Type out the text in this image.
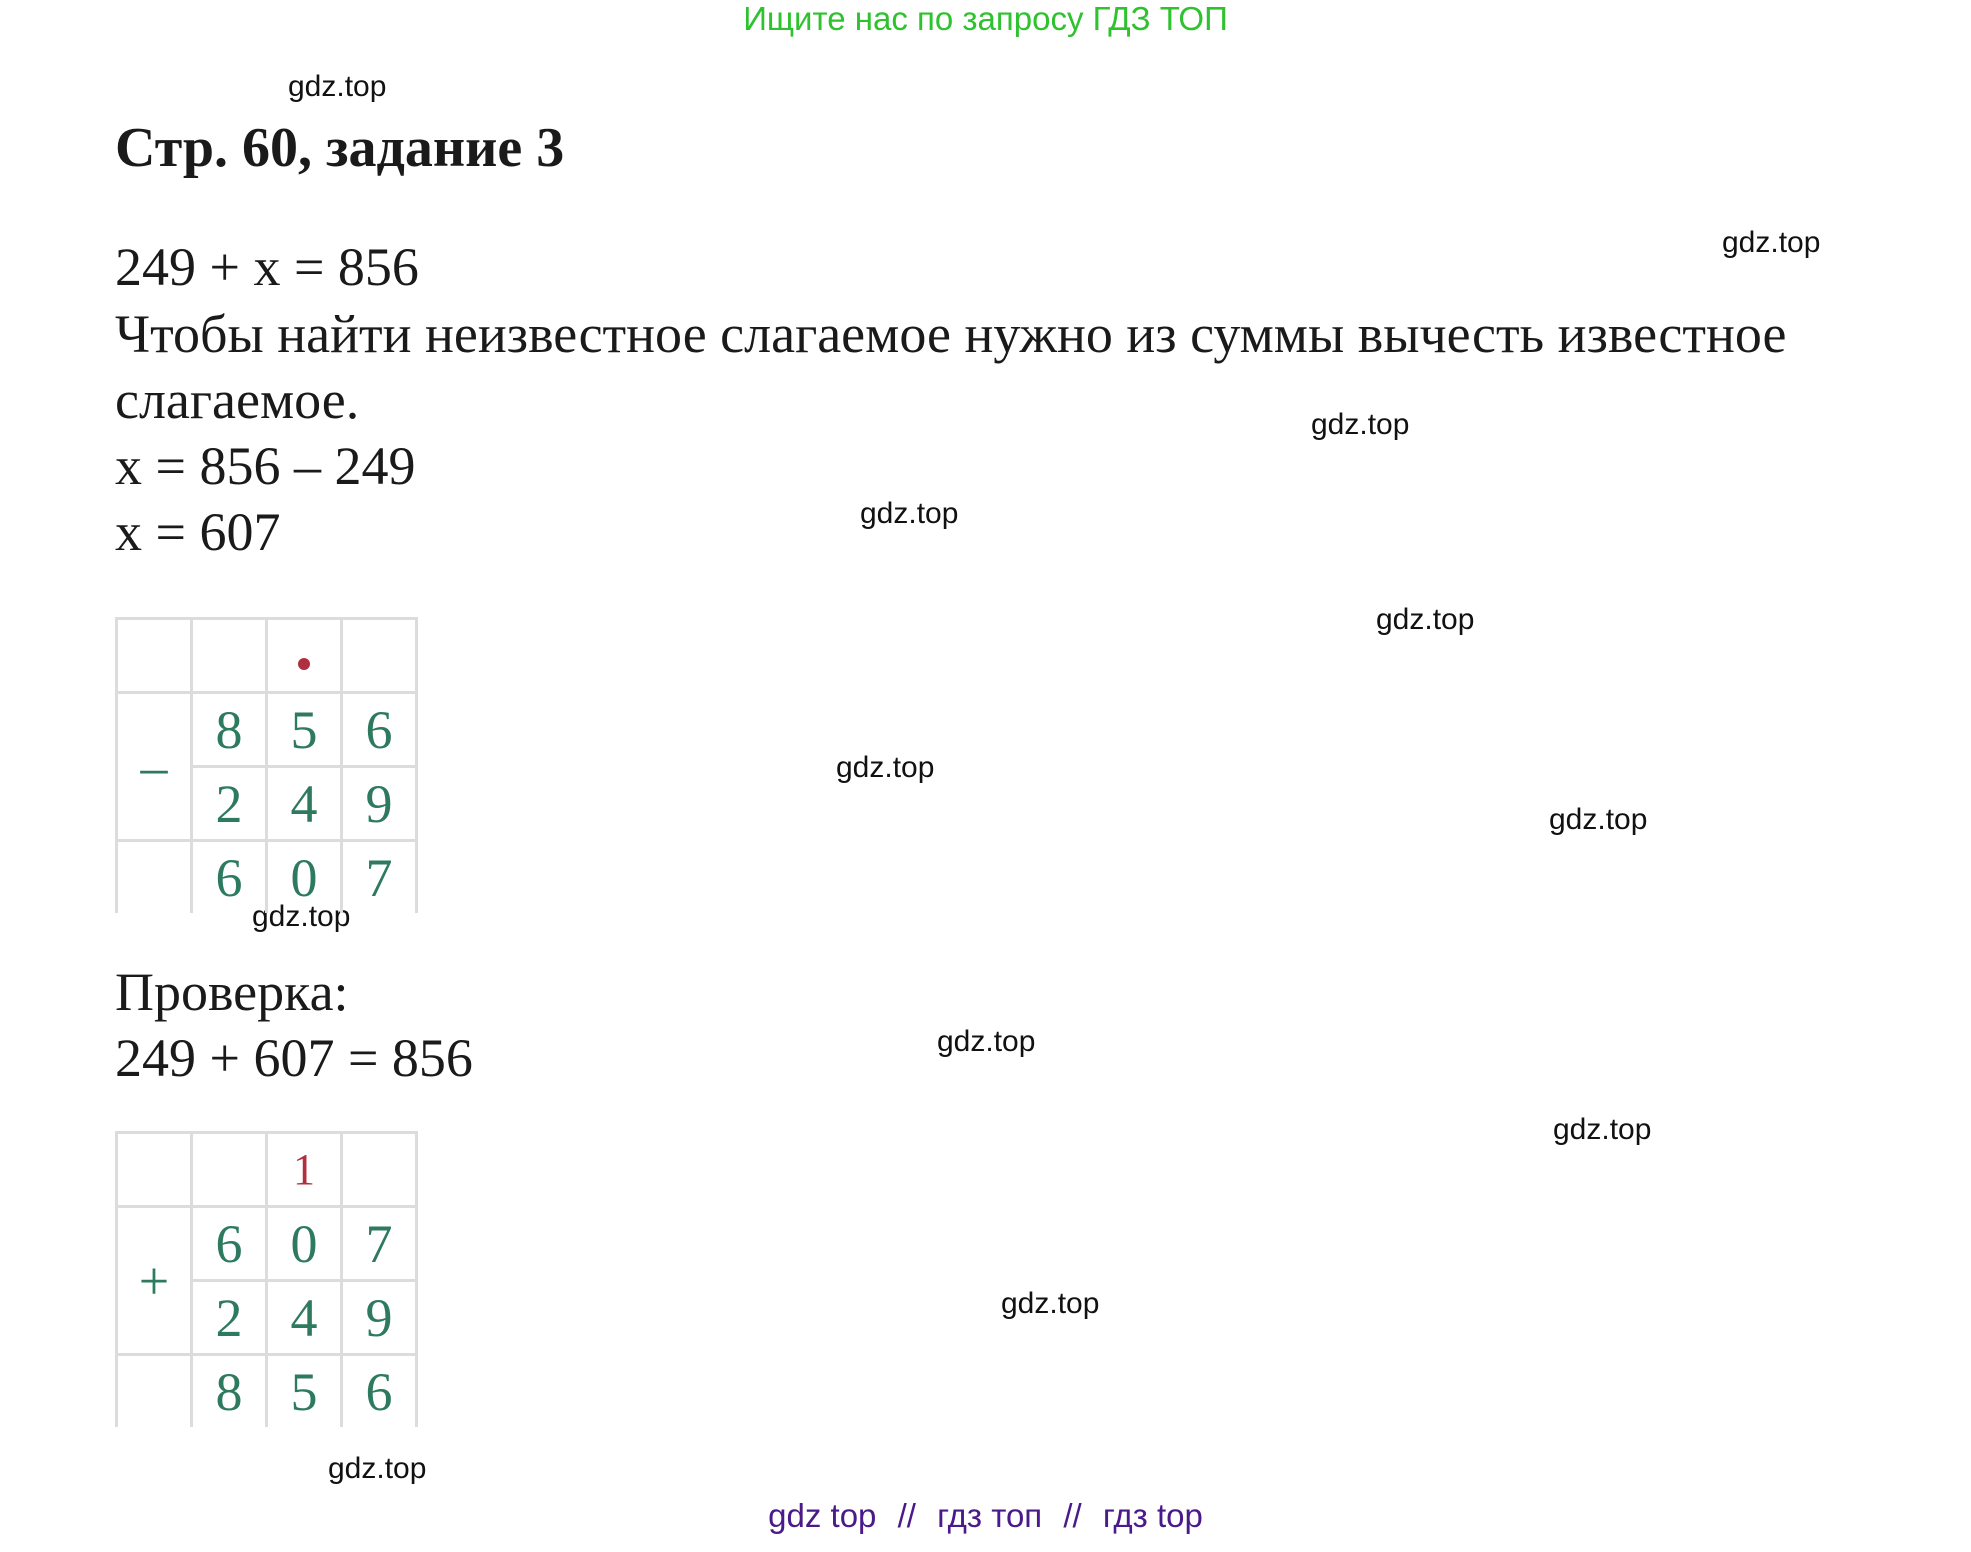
Ищите нас по запросу ГДЗ ТОП
gdz.top
gdz.top
gdz.top
gdz.top
gdz.top
gdz.top
gdz.top
gdz.top
gdz.top
gdz.top
gdz.top
gdz.top
Стр. 60, задание 3
249 + x = 856
Чтобы найти неизвестное слагаемое нужно из суммы вычесть известное
слагаемое.
x = 856 – 249
x = 607

–	8	5	6
	2	4	9
	6	0	7
Проверка:
249 + 607 = 856
		1	
+	6	0	7
	2	4	9
	8	5	6
gdz top // гдз топ // гдз top
